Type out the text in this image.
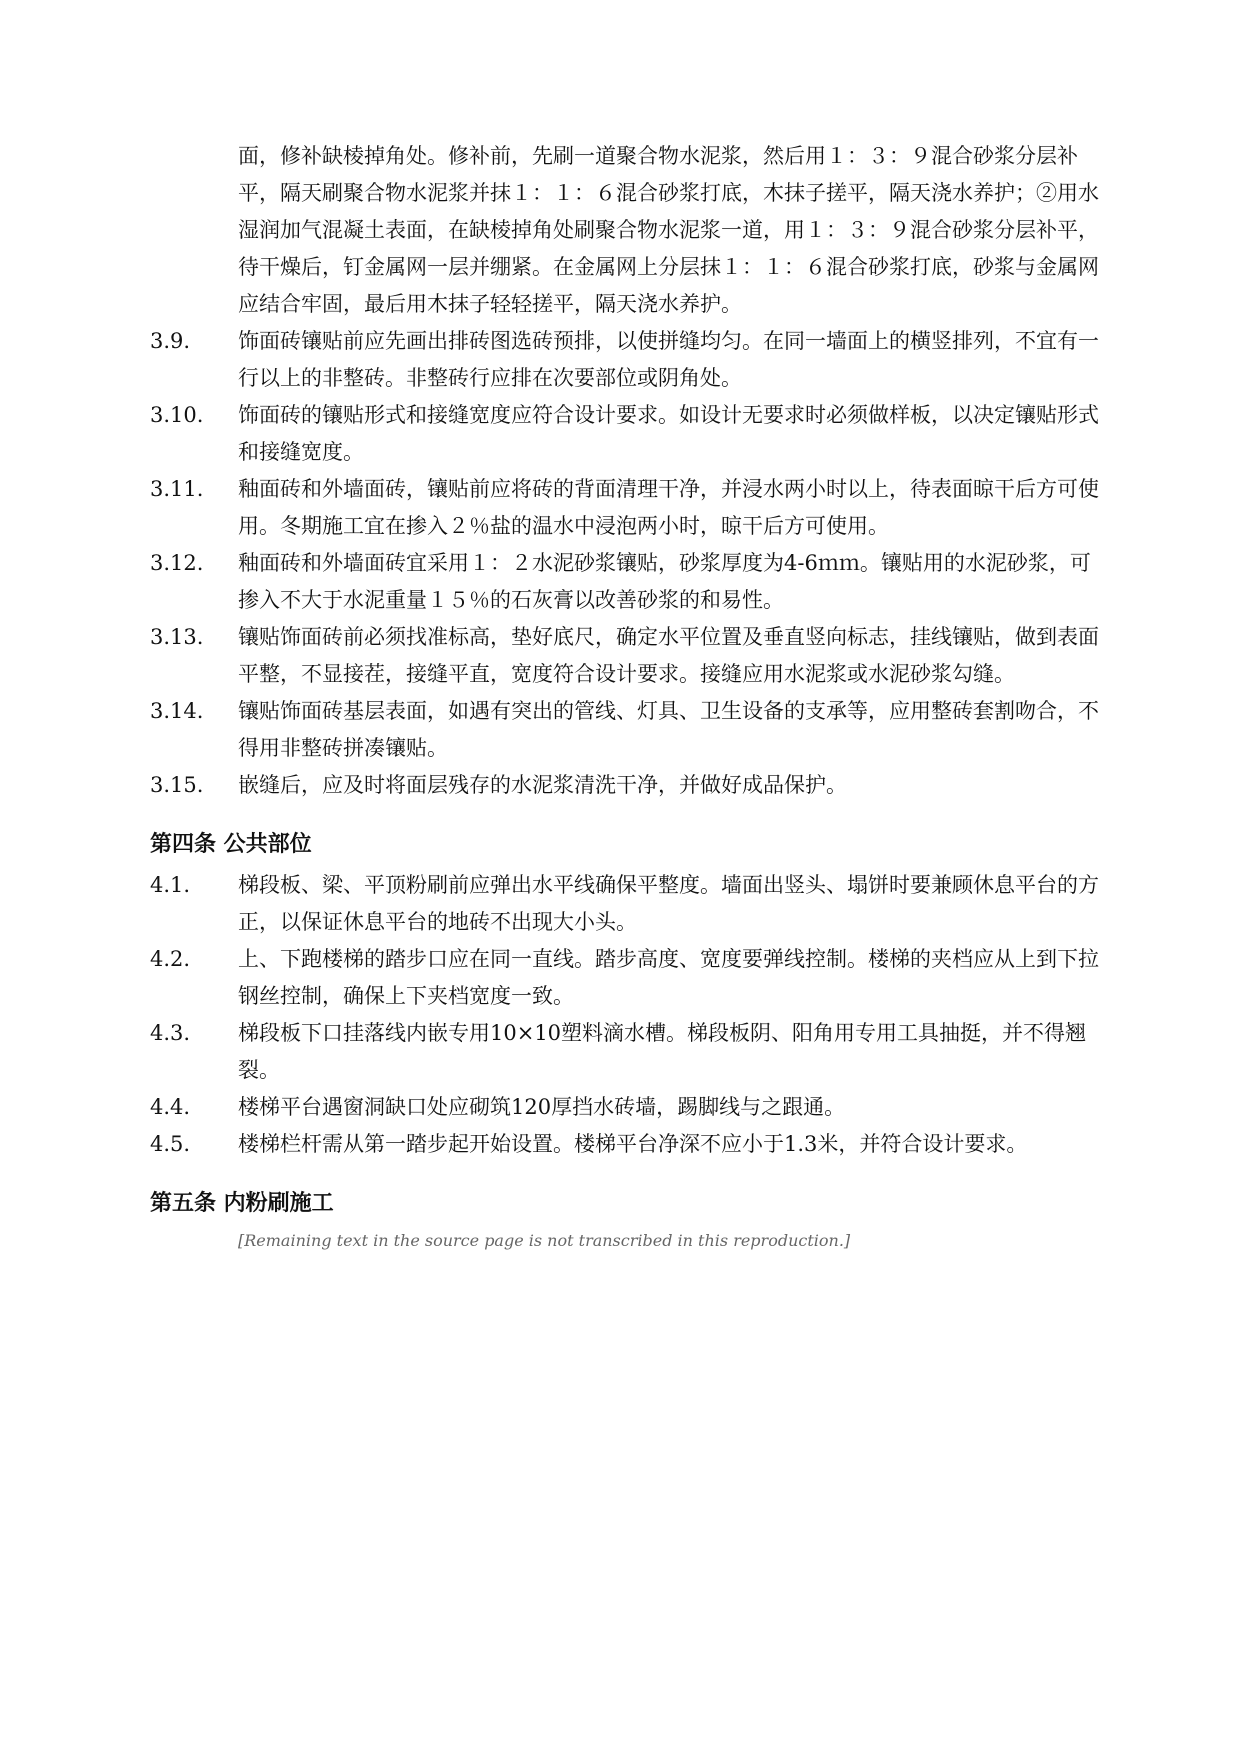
面，修补缺棱掉角处。修补前，先刷一道聚合物水泥浆，然后用１：３：９混合砂浆分层补平，隔天刷聚合物水泥浆并抹１：１：６混合砂浆打底，木抹子搓平，隔天浇水养护；②用水湿润加气混凝土表面，在缺棱掉角处刷聚合物水泥浆一道，用１：３：９混合砂浆分层补平，待干燥后，钉金属网一层并绷紧。在金属网上分层抹１：１：６混合砂浆打底，砂浆与金属网应结合牢固，最后用木抹子轻轻搓平，隔天浇水养护。

3.9.	饰面砖镶贴前应先画出排砖图选砖预排，以使拼缝均匀。在同一墙面上的横竖排列，不宜有一行以上的非整砖。非整砖行应排在次要部位或阴角处。
3.10.	饰面砖的镶贴形式和接缝宽度应符合设计要求。如设计无要求时必须做样板，以决定镶贴形式和接缝宽度。
3.11.	釉面砖和外墙面砖，镶贴前应将砖的背面清理干净，并浸水两小时以上，待表面晾干后方可使用。冬期施工宜在掺入２％盐的温水中浸泡两小时，晾干后方可使用。
3.12.	釉面砖和外墙面砖宜采用１：２水泥砂浆镶贴，砂浆厚度为4-6ｍｍ。镶贴用的水泥砂浆，可掺入不大于水泥重量１５％的石灰膏以改善砂浆的和易性。
3.13.	镶贴饰面砖前必须找准标高，垫好底尺，确定水平位置及垂直竖向标志，挂线镶贴，做到表面平整，不显接茬，接缝平直，宽度符合设计要求。接缝应用水泥浆或水泥砂浆勾缝。
3.14.	镶贴饰面砖基层表面，如遇有突出的管线、灯具、卫生设备的支承等，应用整砖套割吻合，不得用非整砖拼凑镶贴。
3.15.	嵌缝后，应及时将面层残存的水泥浆清洗干净，并做好成品保护。
第四条 公共部位
4.1.	梯段板、梁、平顶粉刷前应弹出水平线确保平整度。墙面出竖头、塌饼时要兼顾休息平台的方正，以保证休息平台的地砖不出现大小头。
4.2.	上、下跑楼梯的踏步口应在同一直线。踏步高度、宽度要弹线控制。楼梯的夹档应从上到下拉钢丝控制，确保上下夹档宽度一致。
4.3.	梯段板下口挂落线内嵌专用10×10塑料滴水槽。梯段板阴、阳角用专用工具抽挺，并不得翘裂。
4.4.	楼梯平台遇窗洞缺口处应砌筑120厚挡水砖墙，踢脚线与之跟通。
4.5.	楼梯栏杆需从第一踏步起开始设置。楼梯平台净深不应小于1.3米，并符合设计要求。
第五条 内粉刷施工
[Remaining text in the source page is not transcribed in this reproduction.]
